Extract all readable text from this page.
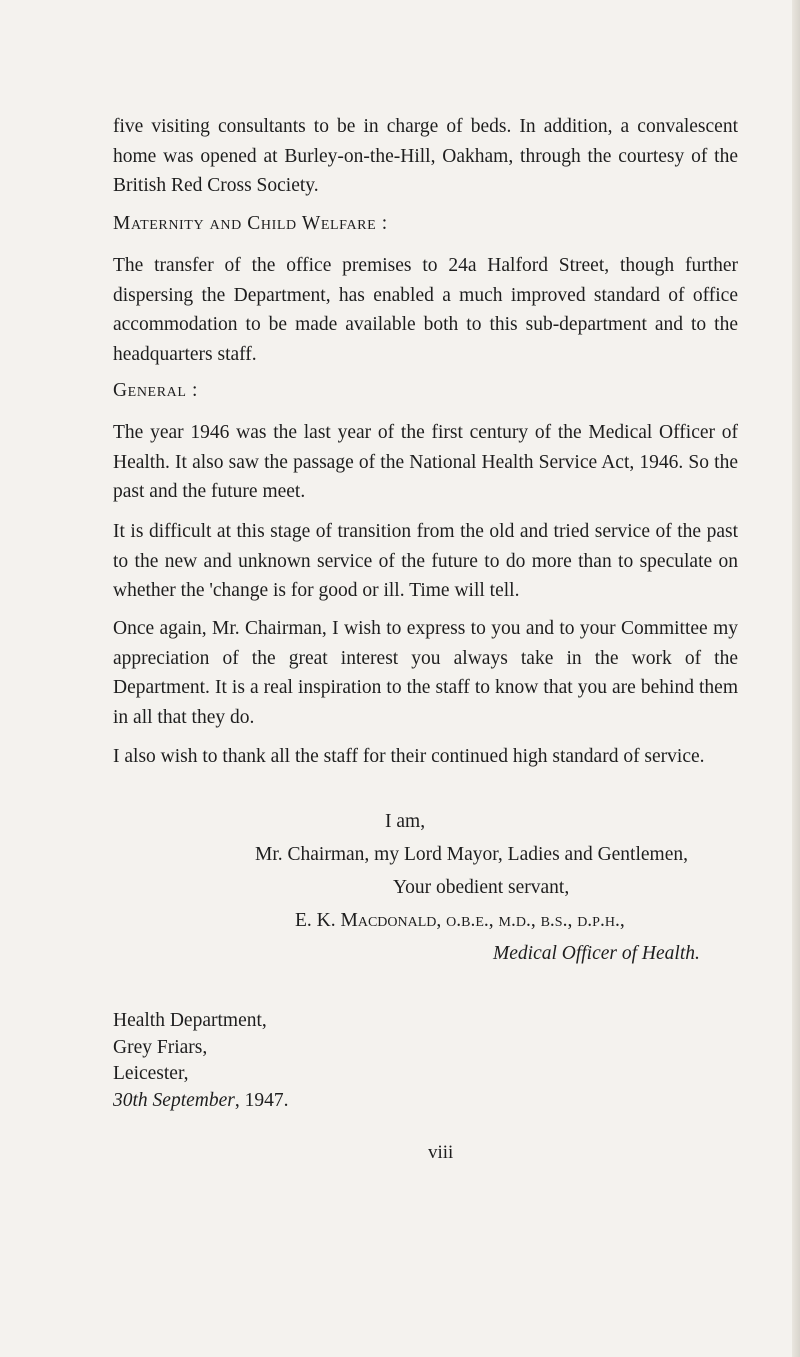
five visiting consultants to be in charge of beds. In addition, a convalescent home was opened at Burley-on-the-Hill, Oakham, through the courtesy of the British Red Cross Society.

Maternity and Child Welfare :

The transfer of the office premises to 24a Halford Street, though further dispersing the Department, has enabled a much improved standard of office accommodation to be made available both to this sub-department and to the headquarters staff.

General :

The year 1946 was the last year of the first century of the Medical Officer of Health. It also saw the passage of the National Health Service Act, 1946. So the past and the future meet.

It is difficult at this stage of transition from the old and tried service of the past to the new and unknown service of the future to do more than to speculate on whether the 'change is for good or ill. Time will tell.

Once again, Mr. Chairman, I wish to express to you and to your Committee my appreciation of the great interest you always take in the work of the Department. It is a real inspiration to the staff to know that you are behind them in all that they do.

I also wish to thank all the staff for their continued high standard of service.

I am,

Mr. Chairman, my Lord Mayor, Ladies and Gentlemen,

Your obedient servant,

E. K. Macdonald, o.b.e., m.d., b.s., d.p.h.,

Medical Officer of Health.

Health Department,
Grey Friars,
Leicester,
30th September, 1947.
viii
